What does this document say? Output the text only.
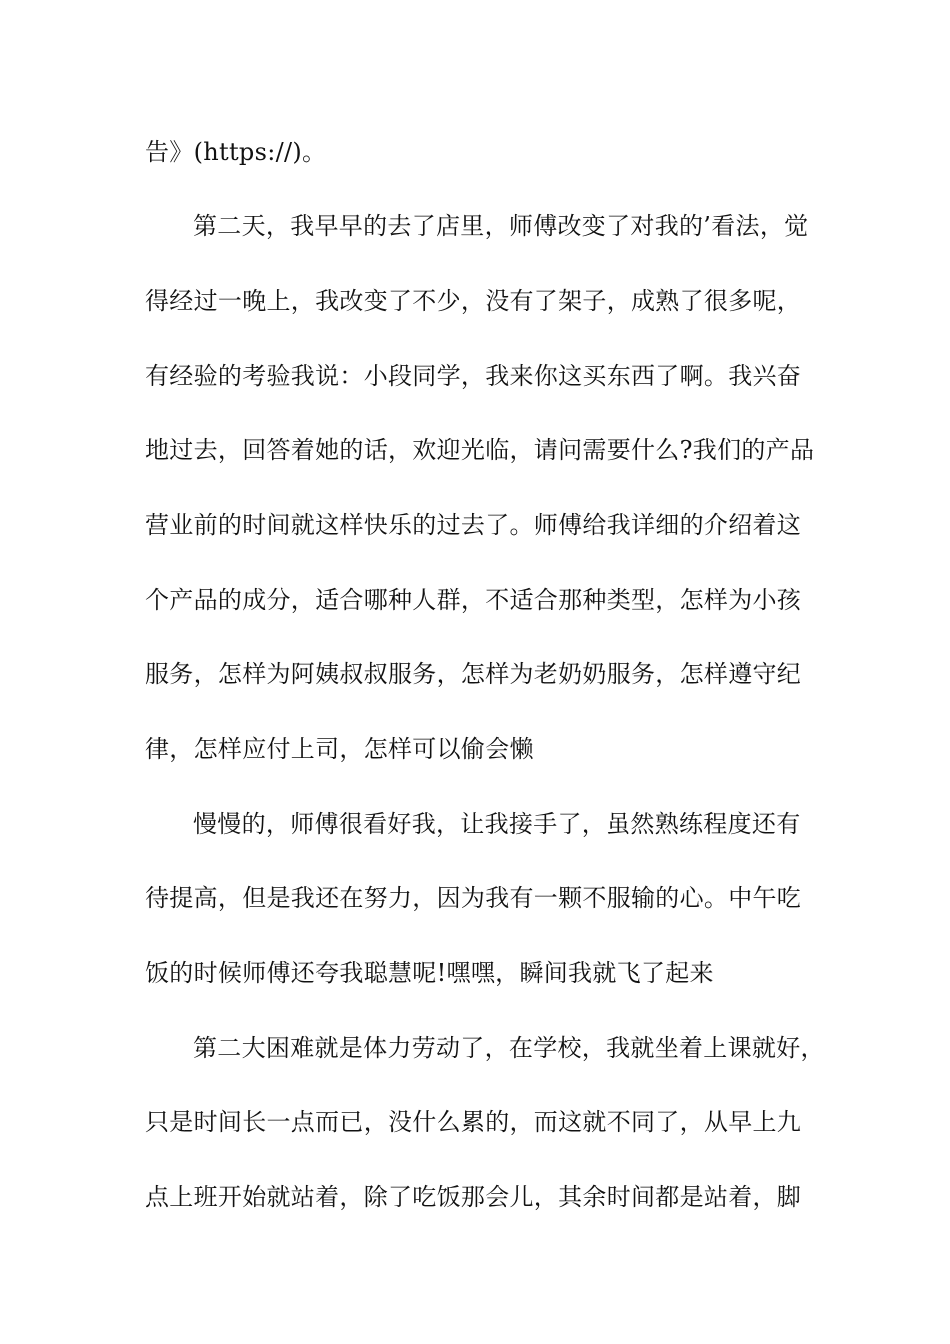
告》(https://)。
第二天，我早早的去了店里，师傅改变了对我的’看法，觉
得经过一晚上，我改变了不少，没有了架子，成熟了很多呢，
有经验的考验我说：小段同学，我来你这买东西了啊。我兴奋
地过去，回答着她的话，欢迎光临，请问需要什么?我们的产品
营业前的时间就这样快乐的过去了。师傅给我详细的介绍着这
个产品的成分，适合哪种人群，不适合那种类型，怎样为小孩
服务，怎样为阿姨叔叔服务，怎样为老奶奶服务，怎样遵守纪
律，怎样应付上司，怎样可以偷会懒
慢慢的，师傅很看好我，让我接手了，虽然熟练程度还有
待提高，但是我还在努力，因为我有一颗不服输的心。中午吃
饭的时候师傅还夸我聪慧呢!嘿嘿，瞬间我就飞了起来
第二大困难就是体力劳动了，在学校，我就坐着上课就好，
只是时间长一点而已，没什么累的，而这就不同了，从早上九
点上班开始就站着，除了吃饭那会儿，其余时间都是站着，脚
